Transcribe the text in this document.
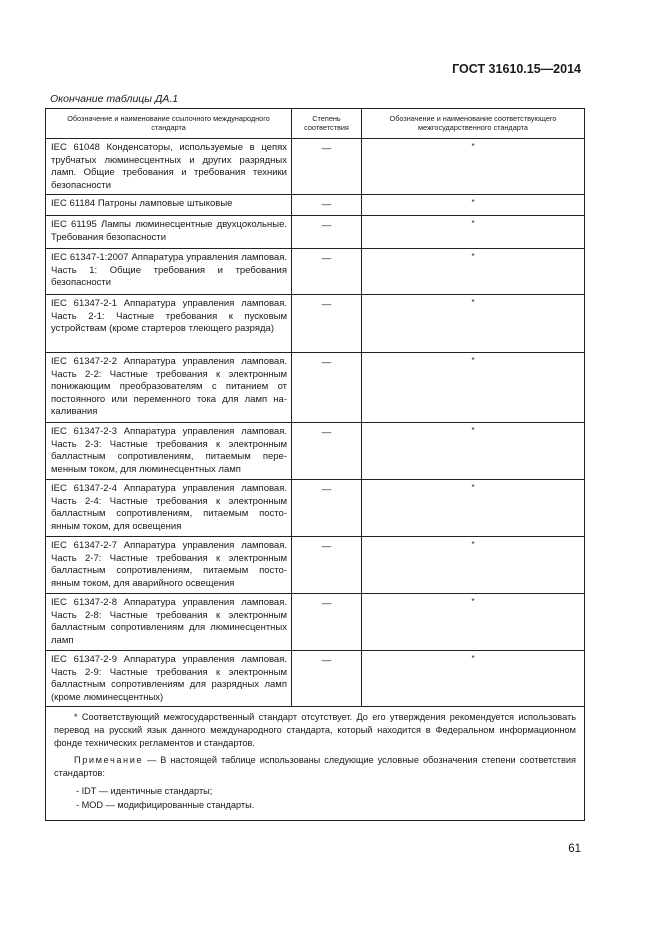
ГОСТ 31610.15—2014
Окончание таблицы ДА.1
Обозначение и наименование ссылочного международного стандарта	Степень соответствия	Обозначение и наименование соответствующего межгосударственного стандарта
IEC 61048 Конденсаторы, используемые в цепях трубчатых люминесцентных и других разрядных ламп. Общие требования и требования техники безопасности	—	*
IEC 61184 Патроны ламповые штыковые	—	*
IEC 61195 Лампы люминесцентные двухцокольные. Требования безопасности	—	*
IEC 61347-1:2007 Аппаратура управления ламповая. Часть 1: Общие требования и требования безопасности	—	*
IEC 61347-2-1 Аппаратура управления ламповая. Часть 2-1: Частные требования к пусковым устройствам (кроме стартеров тлеющего разряда)	—	*
IEC 61347-2-2 Аппаратура управления ламповая. Часть 2-2: Частные требования к электронным понижающим преобразователям с питанием от постоянного или переменного тока для ламп накаливания	—	*
IEC 61347-2-3 Аппаратура управления ламповая. Часть 2-3: Частные требования к электронным балластным сопротивлениям, питаемым переменным током, для люминесцентных ламп	—	*
IEC 61347-2-4 Аппаратура управления ламповая. Часть 2-4: Частные требования к электронным балластным сопротивлениям, питаемым постоянным током, для освещения	—	*
IEC 61347-2-7 Аппаратура управления ламповая. Часть 2-7: Частные требования к электронным балластным сопротивлениям, питаемым постоянным током, для аварийного освещения	—	*
IEC 61347-2-8 Аппаратура управления ламповая. Часть 2-8: Частные требования к электронным балластным сопротивлениям для люминесцентных ламп	—	*
IEC 61347-2-9 Аппаратура управления ламповая. Часть 2-9: Частные требования к электронным балластным сопротивлениям для разрядных ламп (кроме люминесцентных)	—	*

* Соответствующий межгосударственный стандарт отсутствует. До его утверждения рекомендуется использовать перевод на русский язык данного международного стандарта, который находится в Федеральном информационном фонде технических регламентов и стандартов.

Примечание — В настоящей таблице использованы следующие условные обозначения степени соответствия стандартов:

- IDT — идентичные стандарты;
- MOD — модифицированные стандарты.		
61
